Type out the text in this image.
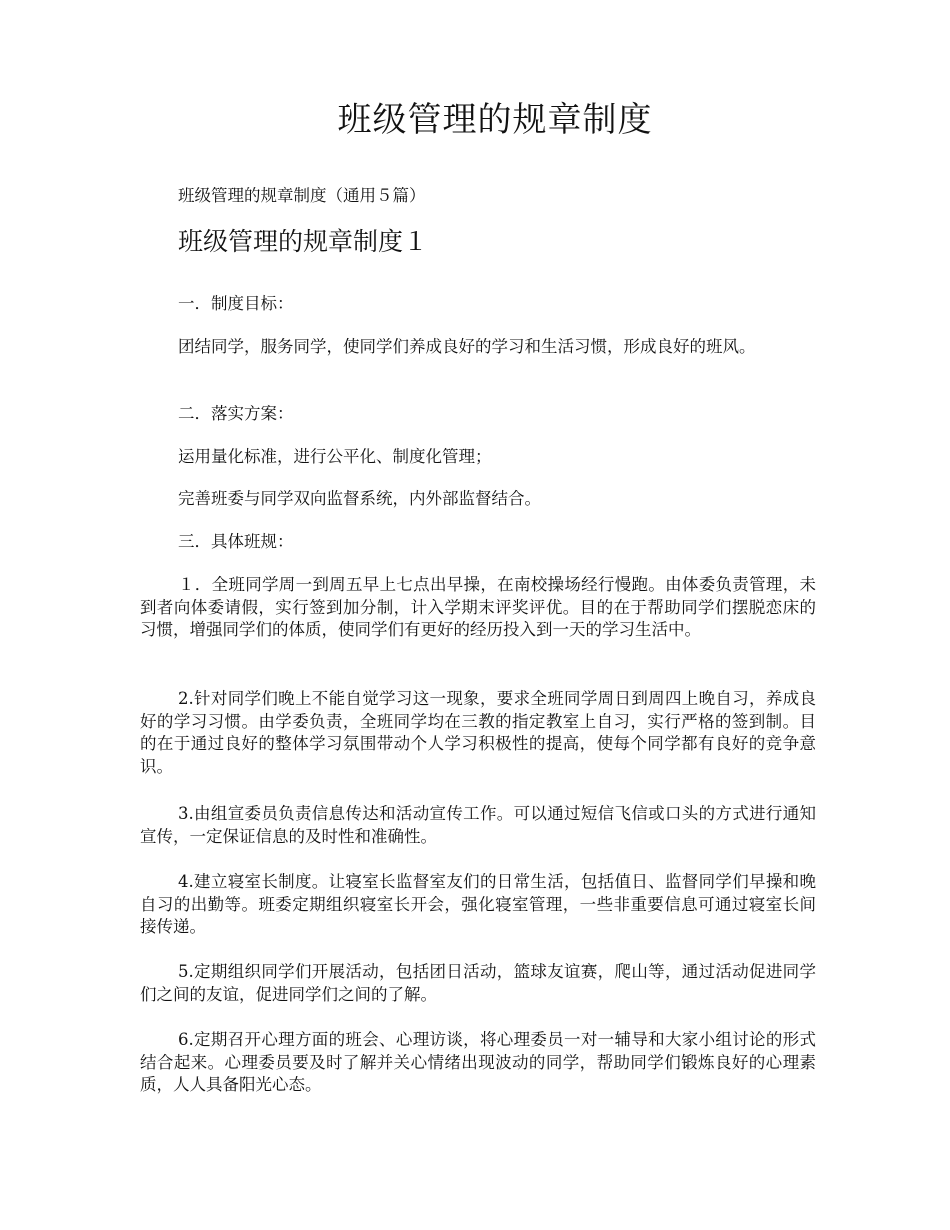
班级管理的规章制度

班级管理的规章制度（通用５篇）

班级管理的规章制度１

一．制度目标：

团结同学，服务同学，使同学们养成良好的学习和生活习惯，形成良好的班风。

二．落实方案：

运用量化标准，进行公平化、制度化管理；

完善班委与同学双向监督系统，内外部监督结合。

三．具体班规：

１．全班同学周一到周五早上七点出早操，在南校操场经行慢跑。由体委负责管理，未到者向体委请假，实行签到加分制，计入学期末评奖评优。目的在于帮助同学们摆脱恋床的习惯，增强同学们的体质，使同学们有更好的经历投入到一天的学习生活中。

2.针对同学们晚上不能自觉学习这一现象，要求全班同学周日到周四上晚自习，养成良好的学习习惯。由学委负责，全班同学均在三教的指定教室上自习，实行严格的签到制。目的在于通过良好的整体学习氛围带动个人学习积极性的提高，使每个同学都有良好的竞争意识。

3.由组宣委员负责信息传达和活动宣传工作。可以通过短信飞信或口头的方式进行通知宣传，一定保证信息的及时性和准确性。

4.建立寝室长制度。让寝室长监督室友们的日常生活，包括值日、监督同学们早操和晚自习的出勤等。班委定期组织寝室长开会，强化寝室管理，一些非重要信息可通过寝室长间接传递。

5.定期组织同学们开展活动，包括团日活动，篮球友谊赛，爬山等，通过活动促进同学们之间的友谊，促进同学们之间的了解。

6.定期召开心理方面的班会、心理访谈，将心理委员一对一辅导和大家小组讨论的形式结合起来。心理委员要及时了解并关心情绪出现波动的同学，帮助同学们锻炼良好的心理素质，人人具备阳光心态。
